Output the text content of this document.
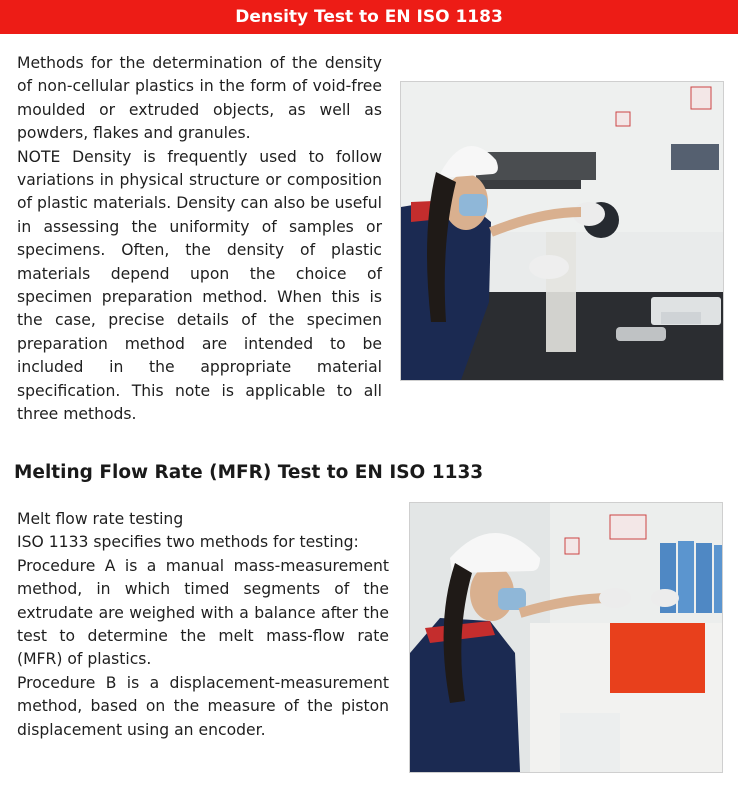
Density Test to EN ISO 1183

Methods for the determination of the density of non-cellular plastics in the form of void-free moulded or extruded objects, as well as powders, flakes and granules.

NOTE Density is frequently used to follow variations in physical structure or composition of plastic materials. Density can also be useful in assessing the uniformity of samples or specimens. Often, the density of plastic materials depend upon the choice of specimen preparation method. When this is the case, precise details of the specimen preparation method are intended to be included in the appropriate material specification. This note is applicable to all three methods.

Melting Flow Rate (MFR) Test to EN ISO 1133

Melt flow rate testing

ISO 1133 specifies two methods for testing:

Procedure A is a manual mass-measurement method, in which timed segments of the extrudate are weighed with a balance after the test to determine the melt mass-flow rate (MFR) of plastics.

Procedure B is a displacement-measurement method, based on the measure of the piston displacement using an encoder.
